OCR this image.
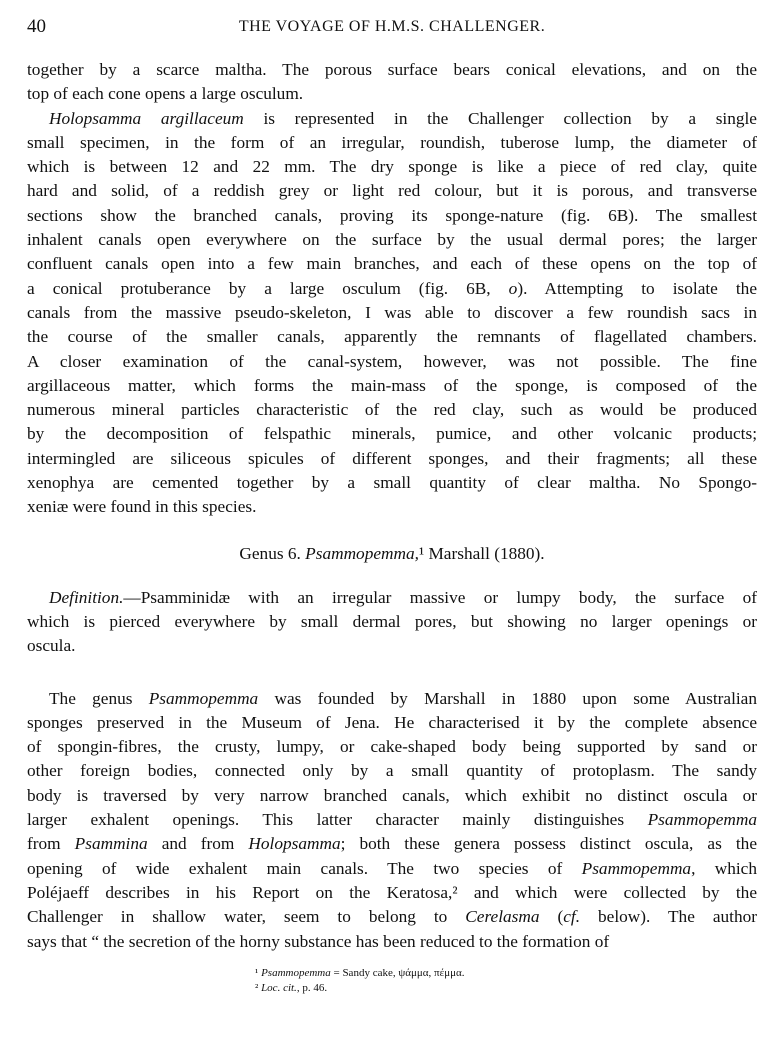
40	THE VOYAGE OF H.M.S. CHALLENGER.
together by a scarce maltha. The porous surface bears conical elevations, and on the
top of each cone opens a large osculum.
Holopsamma argillaceum is represented in the Challenger collection by a single
small specimen, in the form of an irregular, roundish, tuberose lump, the diameter of
which is between 12 and 22 mm. The dry sponge is like a piece of red clay, quite
hard and solid, of a reddish grey or light red colour, but it is porous, and transverse
sections show the branched canals, proving its sponge-nature (fig. 6B). The smallest
inhalent canals open everywhere on the surface by the usual dermal pores; the larger
confluent canals open into a few main branches, and each of these opens on the top of
a conical protuberance by a large osculum (fig. 6B, o). Attempting to isolate the
canals from the massive pseudo-skeleton, I was able to discover a few roundish sacs in
the course of the smaller canals, apparently the remnants of flagellated chambers.
A closer examination of the canal-system, however, was not possible. The fine
argillaceous matter, which forms the main-mass of the sponge, is composed of the
numerous mineral particles characteristic of the red clay, such as would be produced
by the decomposition of felspathic minerals, pumice, and other volcanic products;
intermingled are siliceous spicules of different sponges, and their fragments; all these
xenophya are cemented together by a small quantity of clear maltha. No Spongo-
xeniæ were found in this species.
Genus 6. Psammopemma,¹ Marshall (1880).
Definition.—Psamminidæ with an irregular massive or lumpy body, the surface of
which is pierced everywhere by small dermal pores, but showing no larger openings or
oscula.
The genus Psammopemma was founded by Marshall in 1880 upon some Australian
sponges preserved in the Museum of Jena. He characterised it by the complete absence
of spongin-fibres, the crusty, lumpy, or cake-shaped body being supported by sand or
other foreign bodies, connected only by a small quantity of protoplasm. The sandy
body is traversed by very narrow branched canals, which exhibit no distinct oscula or
larger exhalent openings. This latter character mainly distinguishes Psammopemma
from Psammina and from Holopsamma; both these genera possess distinct oscula, as the
opening of wide exhalent main canals. The two species of Psammopemma, which
Poléjaeff describes in his Report on the Keratosa,² and which were collected by the
Challenger in shallow water, seem to belong to Cerelasma (cf. below). The author
says that “ the secretion of the horny substance has been reduced to the formation of
¹ Psammopemma = Sandy cake, ψάμμα, πέμμα.
² Loc. cit., p. 46.
